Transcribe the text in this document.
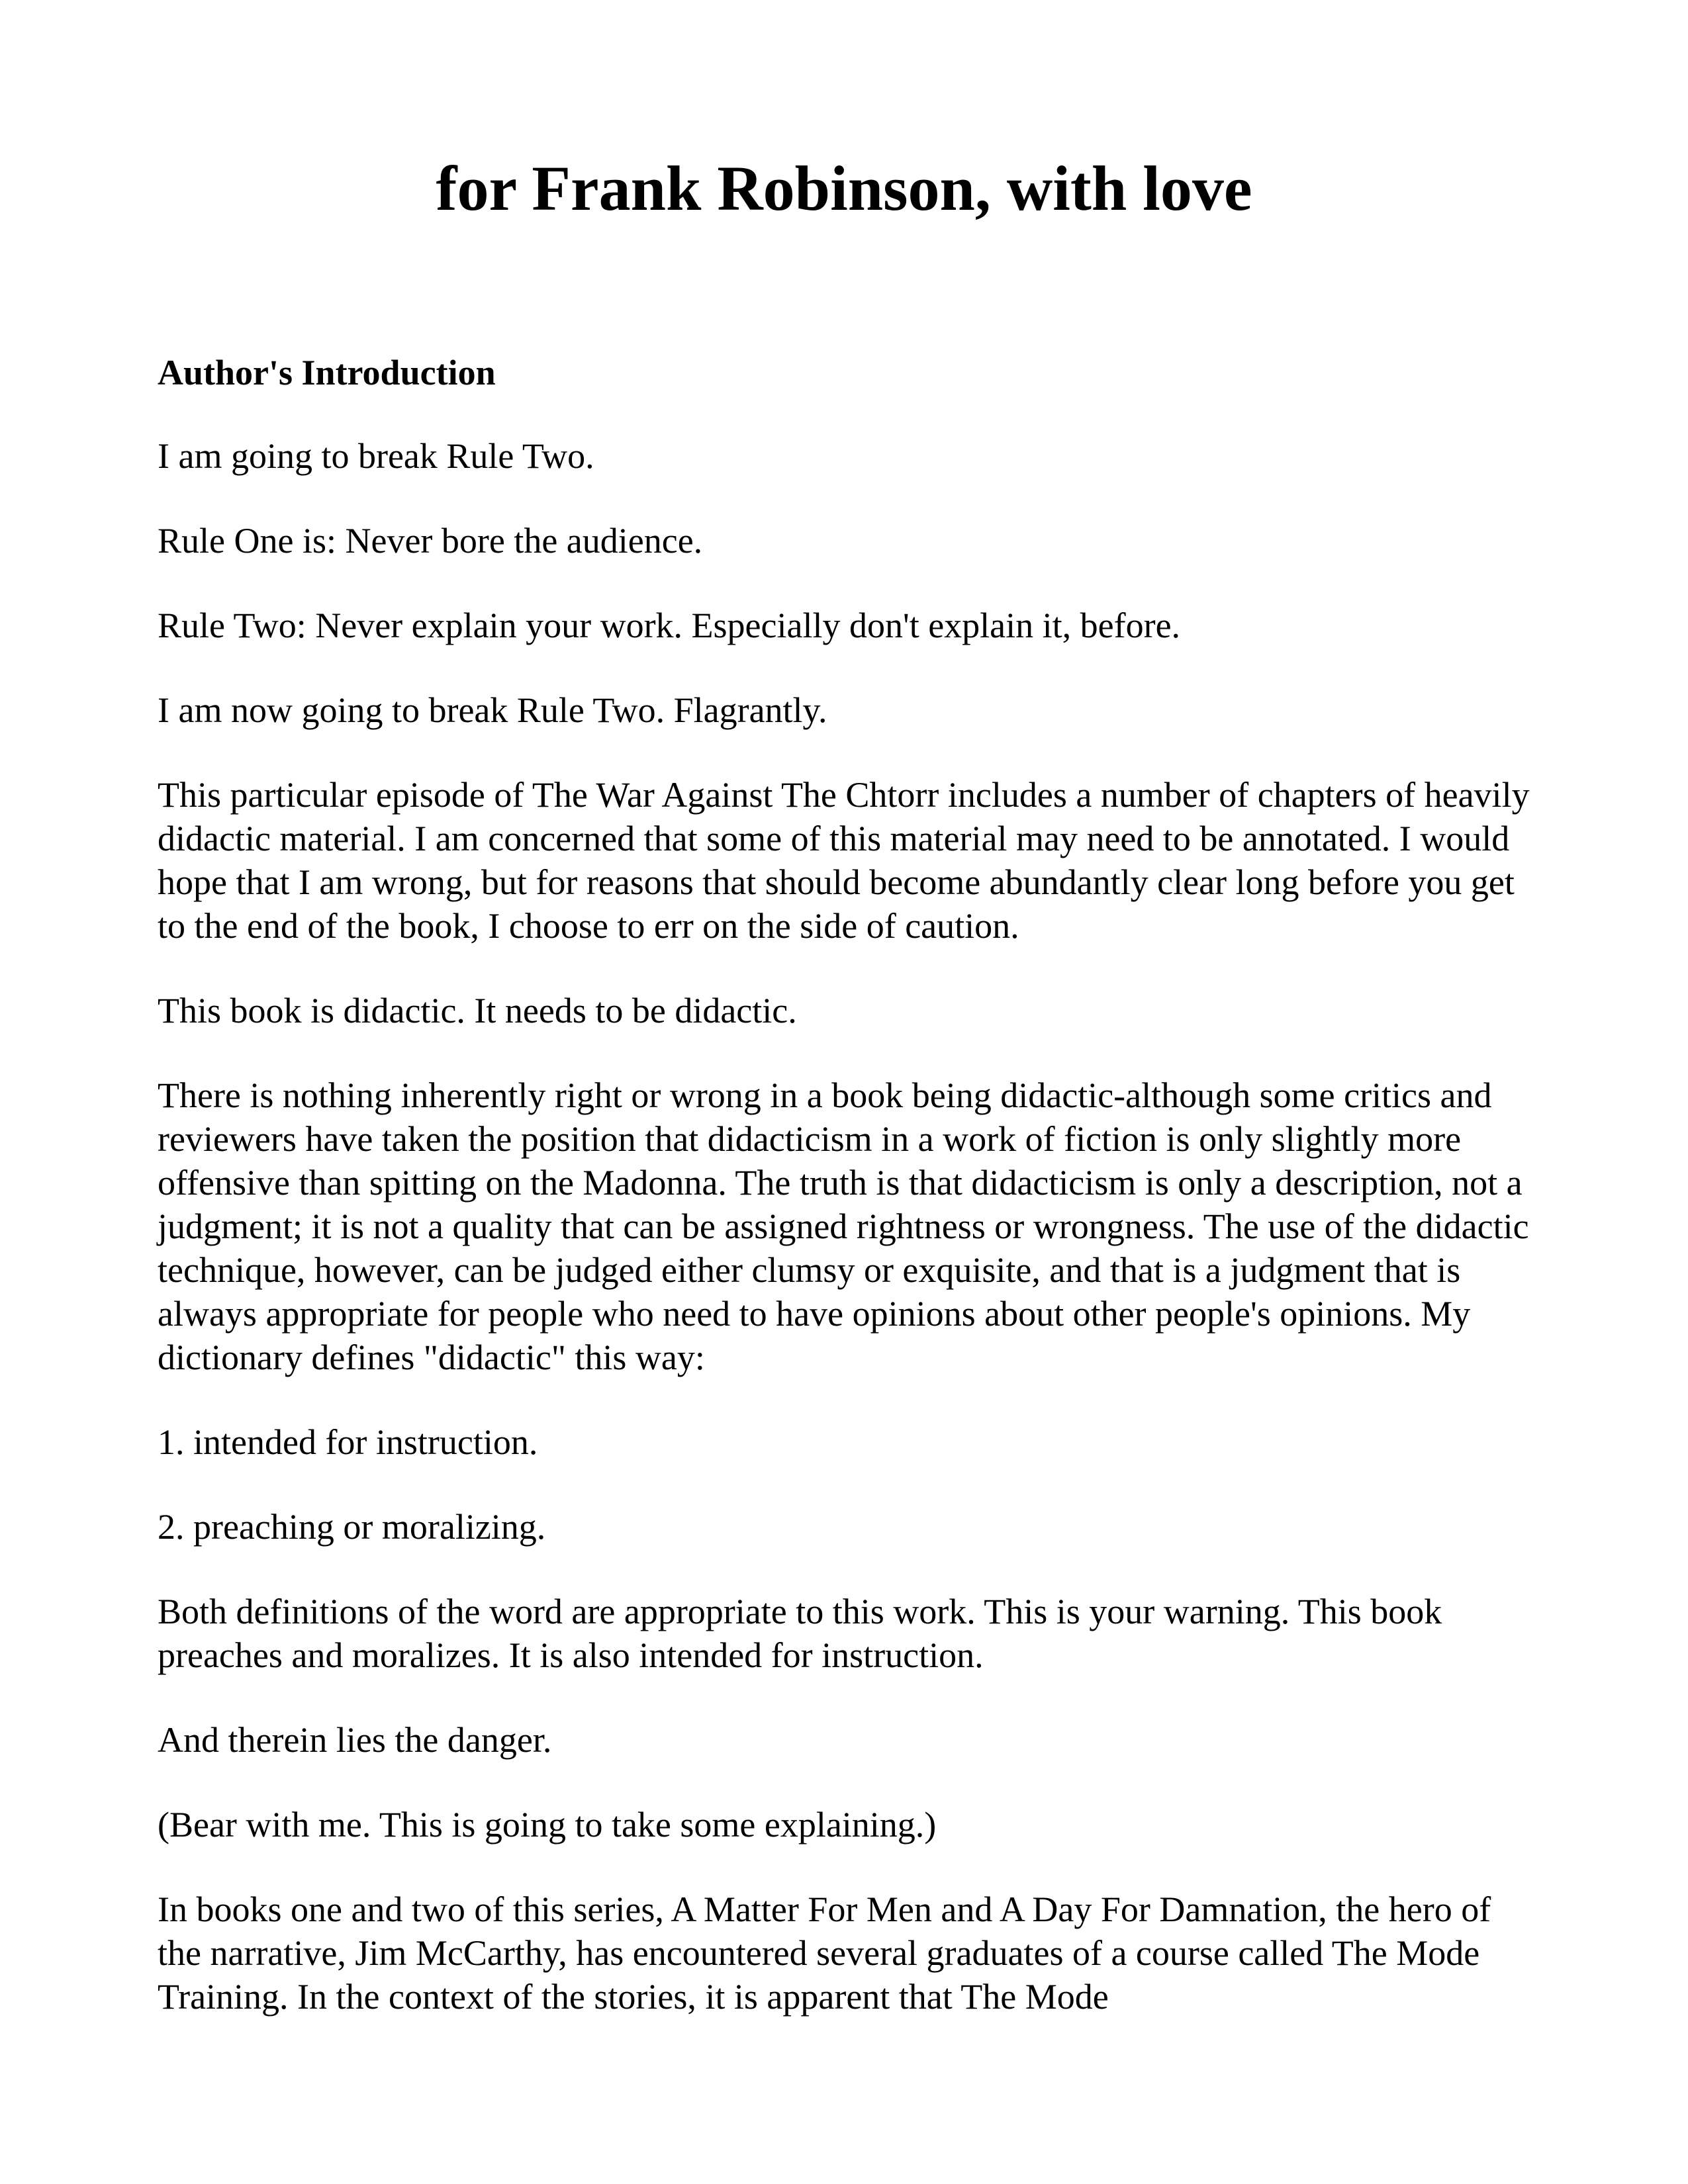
for Frank Robinson, with love
Author's Introduction

I am going to break Rule Two.

Rule One is: Never bore the audience.

Rule Two: Never explain your work. Especially don't explain it, before.

I am now going to break Rule Two. Flagrantly.

This particular episode of The War Against The Chtorr includes a number of chapters of heavily didactic material. I am concerned that some of this material may need to be annotated. I would hope that I am wrong, but for reasons that should become abundantly clear long before you get to the end of the book, I choose to err on the side of caution.

This book is didactic. It needs to be didactic.

There is nothing inherently right or wrong in a book being didactic-although some critics and reviewers have taken the position that didacticism in a work of fiction is only slightly more offensive than spitting on the Madonna. The truth is that didacticism is only a description, not a judgment; it is not a quality that can be assigned rightness or wrongness. The use of the didactic technique, however, can be judged either clumsy or exquisite, and that is a judgment that is always appropriate for people who need to have opinions about other people's opinions. My dictionary defines "didactic" this way:

1. intended for instruction.

2. preaching or moralizing.

Both definitions of the word are appropriate to this work. This is your warning. This book preaches and moralizes. It is also intended for instruction.

And therein lies the danger.

(Bear with me. This is going to take some explaining.)

In books one and two of this series, A Matter For Men and A Day For Damnation, the hero of the narrative, Jim McCarthy, has encountered several graduates of a course called The Mode Training. In the context of the stories, it is apparent that The Mode
